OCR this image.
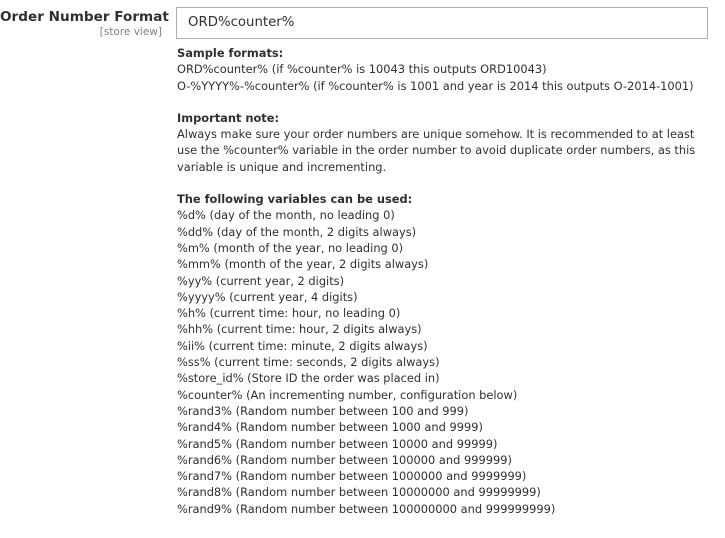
Order Number Format
[store view]
ORD%counter%

Sample formats:

ORD%counter% (if %counter% is 10043 this outputs ORD10043)

O-%YYYY%-%counter% (if %counter% is 1001 and year is 2014 this outputs O-2014-1001)

Important note:

Always make sure your order numbers are unique somehow. It is recommended to at least use the %counter% variable in the order number to avoid duplicate order numbers, as this variable is unique and incrementing.

The following variables can be used:

%d% (day of the month, no leading 0)

%dd% (day of the month, 2 digits always)

%m% (month of the year, no leading 0)

%mm% (month of the year, 2 digits always)

%yy% (current year, 2 digits)

%yyyy% (current year, 4 digits)

%h% (current time: hour, no leading 0)

%hh% (current time: hour, 2 digits always)

%ii% (current time: minute, 2 digits always)

%ss% (current time: seconds, 2 digits always)

%store_id% (Store ID the order was placed in)

%counter% (An incrementing number, configuration below)

%rand3% (Random number between 100 and 999)

%rand4% (Random number between 1000 and 9999)

%rand5% (Random number between 10000 and 99999)

%rand6% (Random number between 100000 and 999999)

%rand7% (Random number between 1000000 and 9999999)

%rand8% (Random number between 10000000 and 99999999)

%rand9% (Random number between 100000000 and 999999999)
